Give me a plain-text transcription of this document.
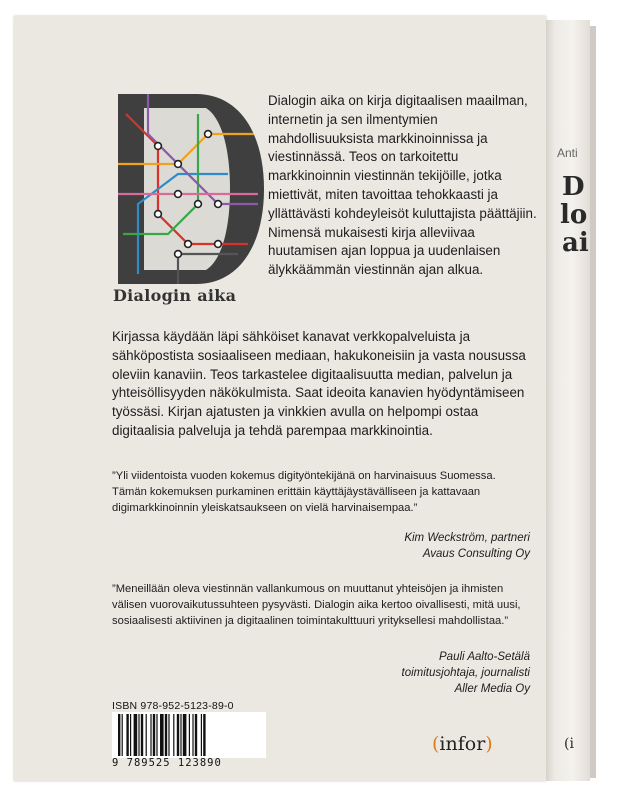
Anti
D
lo
ai
(i
Dialogin aika
Dialogin aika on kirja digitaalisen maailman, internetin ja sen ilmentymien mahdollisuuksista markkinoinnissa ja viestinnässä. Teos on tarkoitettu markkinoinnin viestinnän tekijöille, jotka miettivät, miten tavoittaa tehokkaasti ja yllättävästi kohdeyleisöt kuluttajista päättäjiin. Nimensä mukaisesti kirja alleviivaa huutamisen ajan loppua ja uudenlaisen älykkäämmän viestinnän ajan alkua.
Kirjassa käydään läpi sähköiset kanavat verkkopalveluista ja sähköpostista sosiaaliseen mediaan, hakukoneisiin ja vasta nousussa oleviin kanaviin. Teos tarkastelee digitaalisuutta median, palvelun ja yhteisöllisyyden näkökulmista. Saat ideoita kanavien hyödyntämiseen työssäsi. Kirjan ajatusten ja vinkkien avulla on helpompi ostaa digitaalisia palveluja ja tehdä parempaa markkinointia.
”Yli viidentoista vuoden kokemus digityöntekijänä on harvinaisuus Suomessa. Tämän kokemuksen purkaminen erittäin käyttäjäystävälliseen ja kattavaan digimarkkinoinnin yleiskatsaukseen on vielä harvinaisempaa.”
Kim Weckström, partneri
Avaus Consulting Oy
”Meneillään oleva viestinnän vallankumous on muuttanut yhteisöjen ja ihmisten välisen vuorovaikutussuhteen pysyvästi. Dialogin aika kertoo oivallisesti, mitä uusi, sosiaalisesti aktiivinen ja digitaalinen toimintakulttuuri yrityksellesi mahdollistaa.”
Pauli Aalto-Setälä
toimitusjohtaja, journalisti
Aller Media Oy
ISBN 978-952-5123-89-0
9 789525 123890
(infor)
